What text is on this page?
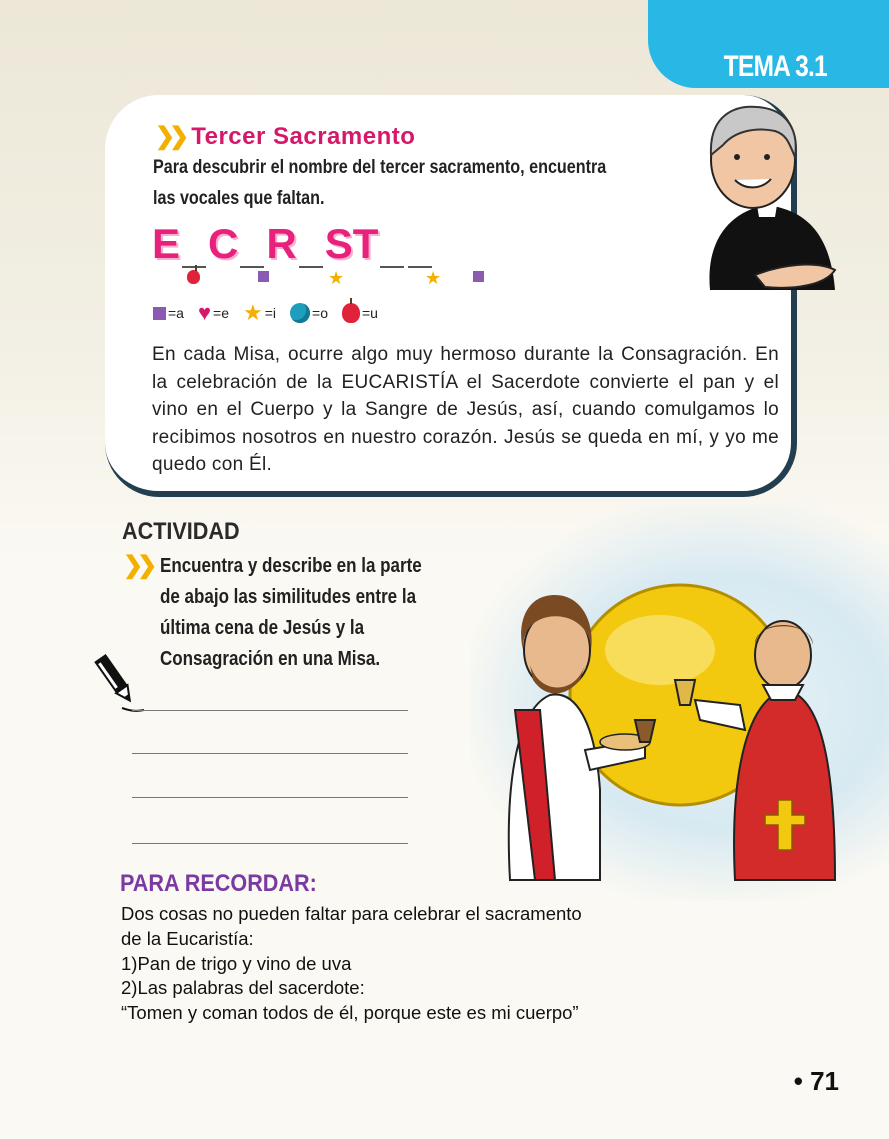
TEMA 3.1
❯❯ Tercer Sacramento
Para descubrir el nombre del tercer sacramento, encuentra las vocales que faltan.
E C R ST
★	★
=a ♥ =e ★ =i	=o =u
En cada Misa, ocurre algo muy hermoso durante la Consagración. En la celebración de la EUCARISTÍA el Sacerdote convierte el pan y el vino en el Cuerpo y la Sangre de Jesús, así, cuando comulgamos lo recibimos nosotros en nuestro corazón. Jesús se queda en mí, y yo me quedo con Él.
ACTIVIDAD
❯❯ Encuentra y describe en la parte de abajo las similitudes entre la última cena de Jesús y la Consagración en una Misa.
PARA RECORDAR:
Dos cosas no pueden faltar para celebrar el sacramento
de la Eucaristía:
1)Pan de trigo y vino de uva
2)Las palabras del sacerdote:
“Tomen y coman todos de él, porque este es mi cuerpo”
• 71
